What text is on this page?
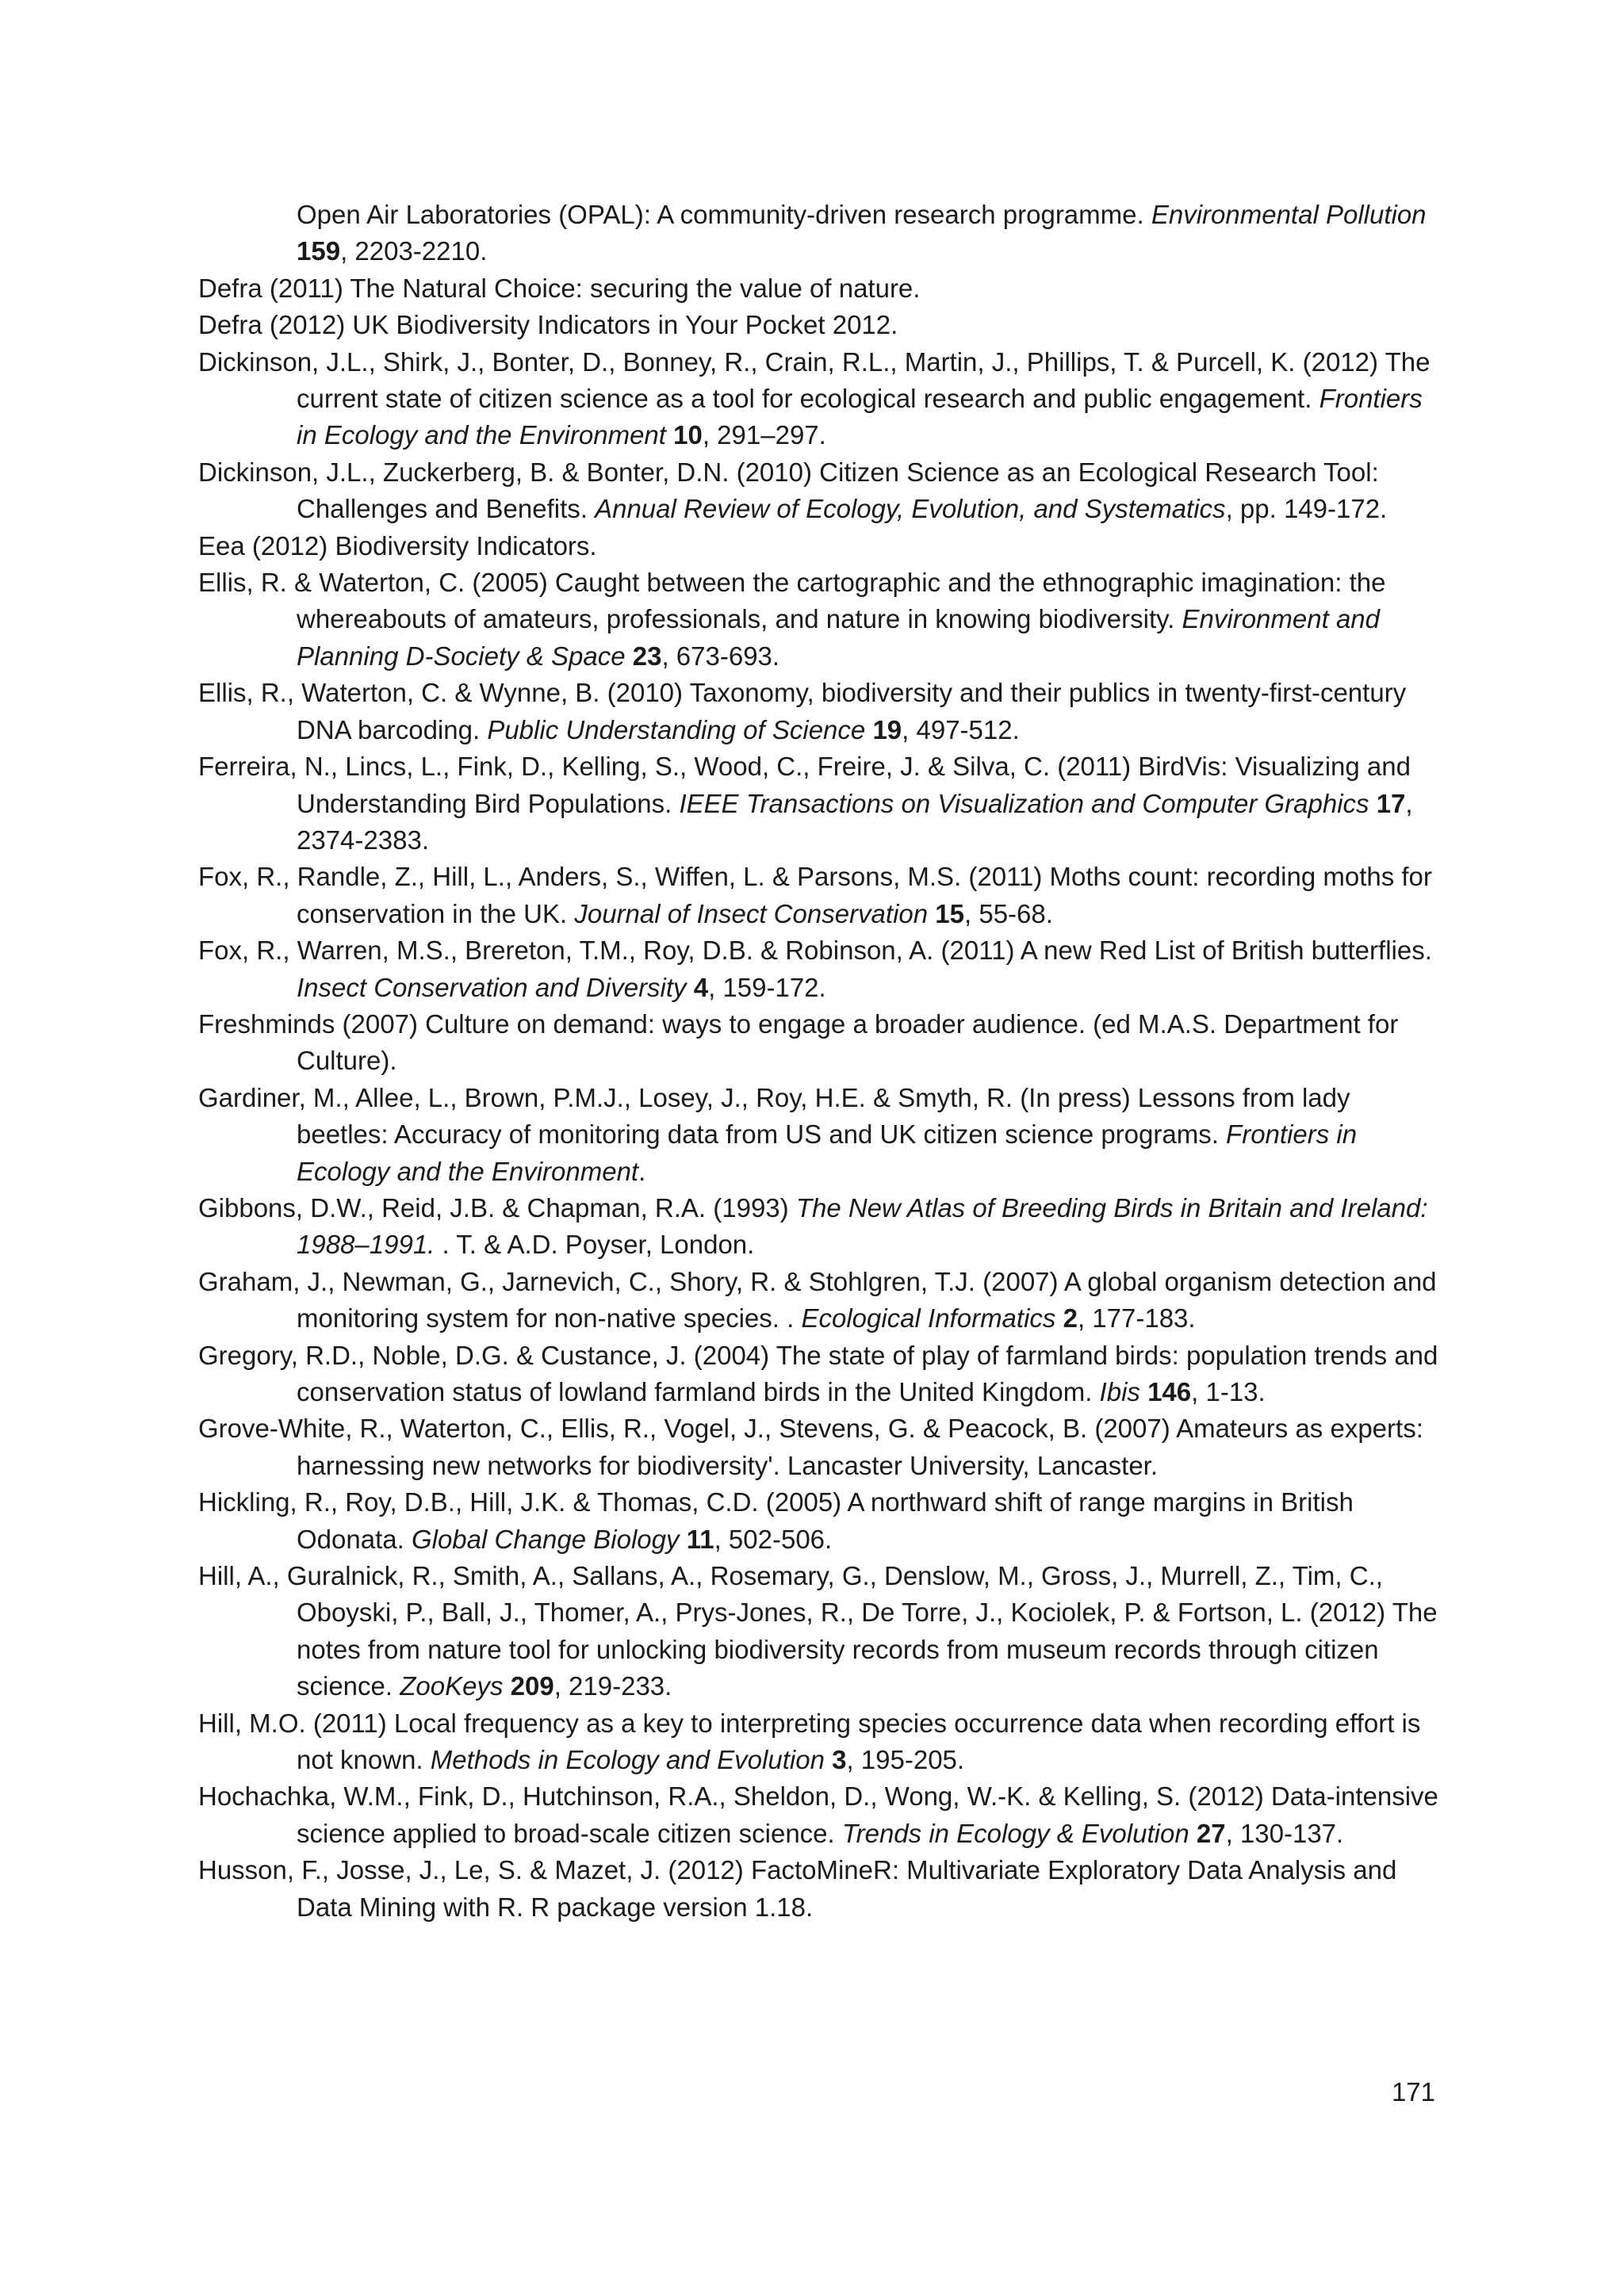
Open Air Laboratories (OPAL): A community-driven research programme. Environmental Pollution 159, 2203-2210.

Defra (2011) The Natural Choice: securing the value of nature.

Defra (2012) UK Biodiversity Indicators in Your Pocket 2012.

Dickinson, J.L., Shirk, J., Bonter, D., Bonney, R., Crain, R.L., Martin, J., Phillips, T. & Purcell, K. (2012) The current state of citizen science as a tool for ecological research and public engagement. Frontiers in Ecology and the Environment 10, 291–297.

Dickinson, J.L., Zuckerberg, B. & Bonter, D.N. (2010) Citizen Science as an Ecological Research Tool: Challenges and Benefits. Annual Review of Ecology, Evolution, and Systematics, pp. 149-172.

Eea (2012) Biodiversity Indicators.

Ellis, R. & Waterton, C. (2005) Caught between the cartographic and the ethnographic imagination: the whereabouts of amateurs, professionals, and nature in knowing biodiversity. Environment and Planning D-Society & Space 23, 673-693.

Ellis, R., Waterton, C. & Wynne, B. (2010) Taxonomy, biodiversity and their publics in twenty-first-century DNA barcoding. Public Understanding of Science 19, 497-512.

Ferreira, N., Lincs, L., Fink, D., Kelling, S., Wood, C., Freire, J. & Silva, C. (2011) BirdVis: Visualizing and Understanding Bird Populations. IEEE Transactions on Visualization and Computer Graphics 17, 2374-2383.

Fox, R., Randle, Z., Hill, L., Anders, S., Wiffen, L. & Parsons, M.S. (2011) Moths count: recording moths for conservation in the UK. Journal of Insect Conservation 15, 55-68.

Fox, R., Warren, M.S., Brereton, T.M., Roy, D.B. & Robinson, A. (2011) A new Red List of British butterflies. Insect Conservation and Diversity 4, 159-172.

Freshminds (2007) Culture on demand: ways to engage a broader audience. (ed M.A.S. Department for Culture).

Gardiner, M., Allee, L., Brown, P.M.J., Losey, J., Roy, H.E. & Smyth, R. (In press) Lessons from lady beetles: Accuracy of monitoring data from US and UK citizen science programs. Frontiers in Ecology and the Environment.

Gibbons, D.W., Reid, J.B. & Chapman, R.A. (1993) The New Atlas of Breeding Birds in Britain and Ireland: 1988–1991. . T. & A.D. Poyser, London.

Graham, J., Newman, G., Jarnevich, C., Shory, R. & Stohlgren, T.J. (2007) A global organism detection and monitoring system for non-native species. . Ecological Informatics 2, 177-183.

Gregory, R.D., Noble, D.G. & Custance, J. (2004) The state of play of farmland birds: population trends and conservation status of lowland farmland birds in the United Kingdom. Ibis 146, 1-13.

Grove-White, R., Waterton, C., Ellis, R., Vogel, J., Stevens, G. & Peacock, B. (2007) Amateurs as experts: harnessing new networks for biodiversity'. Lancaster University, Lancaster.

Hickling, R., Roy, D.B., Hill, J.K. & Thomas, C.D. (2005) A northward shift of range margins in British Odonata. Global Change Biology 11, 502-506.

Hill, A., Guralnick, R., Smith, A., Sallans, A., Rosemary, G., Denslow, M., Gross, J., Murrell, Z., Tim, C., Oboyski, P., Ball, J., Thomer, A., Prys-Jones, R., De Torre, J., Kociolek, P. & Fortson, L. (2012) The notes from nature tool for unlocking biodiversity records from museum records through citizen science. ZooKeys 209, 219-233.

Hill, M.O. (2011) Local frequency as a key to interpreting species occurrence data when recording effort is not known. Methods in Ecology and Evolution 3, 195-205.

Hochachka, W.M., Fink, D., Hutchinson, R.A., Sheldon, D., Wong, W.-K. & Kelling, S. (2012) Data-intensive science applied to broad-scale citizen science. Trends in Ecology & Evolution 27, 130-137.

Husson, F., Josse, J., Le, S. & Mazet, J. (2012) FactoMineR: Multivariate Exploratory Data Analysis and Data Mining with R. R package version 1.18.

171
